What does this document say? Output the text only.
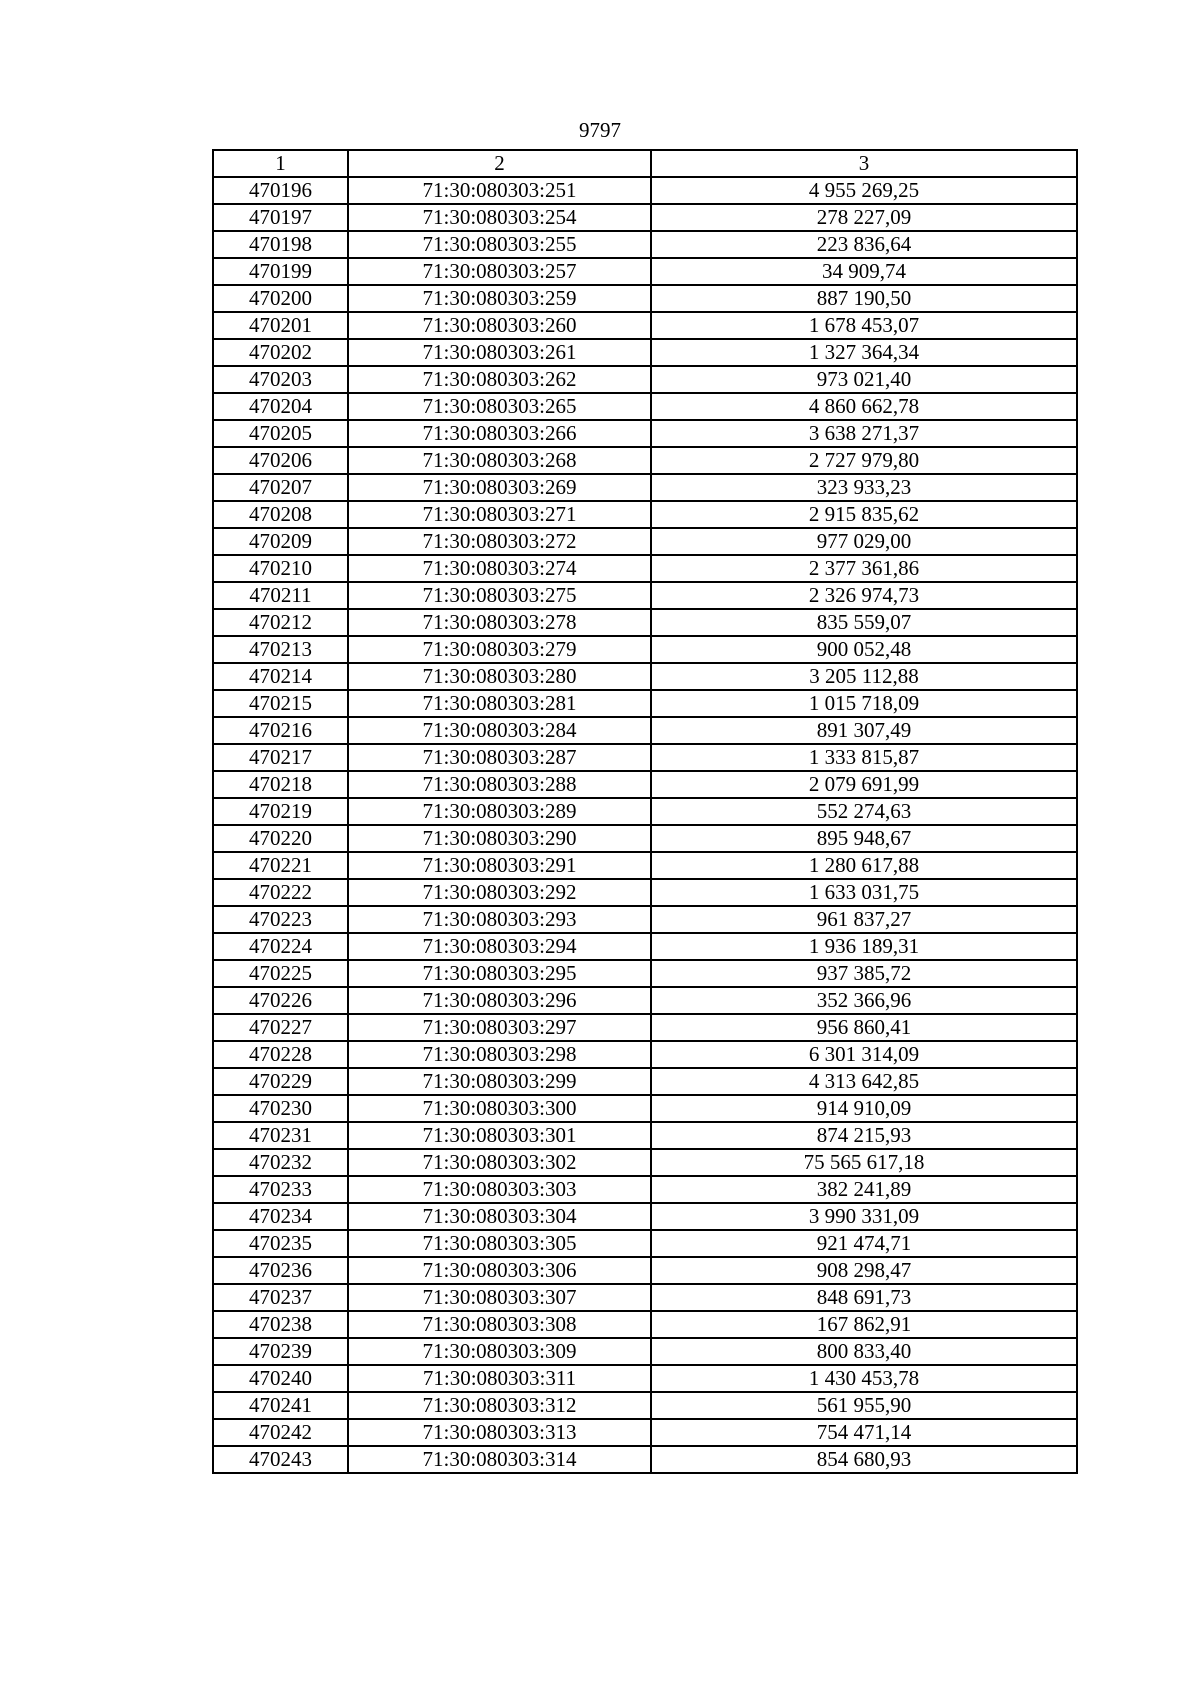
9797
1	2	3
470196	71:30:080303:251	4 955 269,25
470197	71:30:080303:254	278 227,09
470198	71:30:080303:255	223 836,64
470199	71:30:080303:257	34 909,74
470200	71:30:080303:259	887 190,50
470201	71:30:080303:260	1 678 453,07
470202	71:30:080303:261	1 327 364,34
470203	71:30:080303:262	973 021,40
470204	71:30:080303:265	4 860 662,78
470205	71:30:080303:266	3 638 271,37
470206	71:30:080303:268	2 727 979,80
470207	71:30:080303:269	323 933,23
470208	71:30:080303:271	2 915 835,62
470209	71:30:080303:272	977 029,00
470210	71:30:080303:274	2 377 361,86
470211	71:30:080303:275	2 326 974,73
470212	71:30:080303:278	835 559,07
470213	71:30:080303:279	900 052,48
470214	71:30:080303:280	3 205 112,88
470215	71:30:080303:281	1 015 718,09
470216	71:30:080303:284	891 307,49
470217	71:30:080303:287	1 333 815,87
470218	71:30:080303:288	2 079 691,99
470219	71:30:080303:289	552 274,63
470220	71:30:080303:290	895 948,67
470221	71:30:080303:291	1 280 617,88
470222	71:30:080303:292	1 633 031,75
470223	71:30:080303:293	961 837,27
470224	71:30:080303:294	1 936 189,31
470225	71:30:080303:295	937 385,72
470226	71:30:080303:296	352 366,96
470227	71:30:080303:297	956 860,41
470228	71:30:080303:298	6 301 314,09
470229	71:30:080303:299	4 313 642,85
470230	71:30:080303:300	914 910,09
470231	71:30:080303:301	874 215,93
470232	71:30:080303:302	75 565 617,18
470233	71:30:080303:303	382 241,89
470234	71:30:080303:304	3 990 331,09
470235	71:30:080303:305	921 474,71
470236	71:30:080303:306	908 298,47
470237	71:30:080303:307	848 691,73
470238	71:30:080303:308	167 862,91
470239	71:30:080303:309	800 833,40
470240	71:30:080303:311	1 430 453,78
470241	71:30:080303:312	561 955,90
470242	71:30:080303:313	754 471,14
470243	71:30:080303:314	854 680,93
